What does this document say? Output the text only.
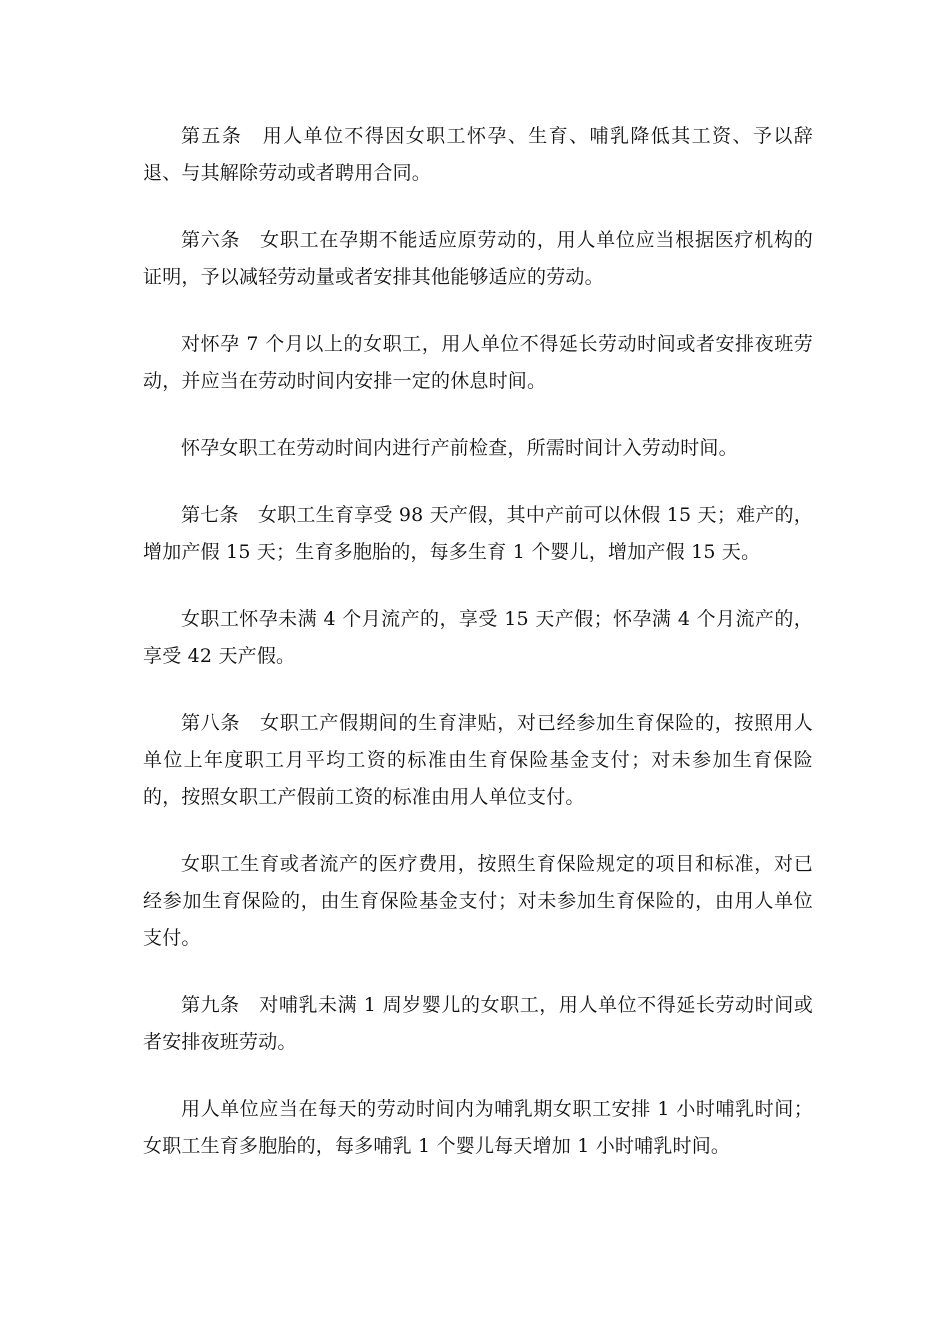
第五条　用人单位不得因女职工怀孕、生育、哺乳降低其工资、予以辞退、与其解除劳动或者聘用合同。

第六条　女职工在孕期不能适应原劳动的，用人单位应当根据医疗机构的证明，予以减轻劳动量或者安排其他能够适应的劳动。

对怀孕 7 个月以上的女职工，用人单位不得延长劳动时间或者安排夜班劳动，并应当在劳动时间内安排一定的休息时间。

怀孕女职工在劳动时间内进行产前检查，所需时间计入劳动时间。

第七条　女职工生育享受 98 天产假，其中产前可以休假 15 天；难产的，增加产假 15 天；生育多胞胎的，每多生育 1 个婴儿，增加产假 15 天。

女职工怀孕未满 4 个月流产的，享受 15 天产假；怀孕满 4 个月流产的，享受 42 天产假。

第八条　女职工产假期间的生育津贴，对已经参加生育保险的，按照用人单位上年度职工月平均工资的标准由生育保险基金支付；对未参加生育保险的，按照女职工产假前工资的标准由用人单位支付。

女职工生育或者流产的医疗费用，按照生育保险规定的项目和标准，对已经参加生育保险的，由生育保险基金支付；对未参加生育保险的，由用人单位支付。

第九条　对哺乳未满 1 周岁婴儿的女职工，用人单位不得延长劳动时间或者安排夜班劳动。

用人单位应当在每天的劳动时间内为哺乳期女职工安排 1 小时哺乳时间；女职工生育多胞胎的，每多哺乳 1 个婴儿每天增加 1 小时哺乳时间。
